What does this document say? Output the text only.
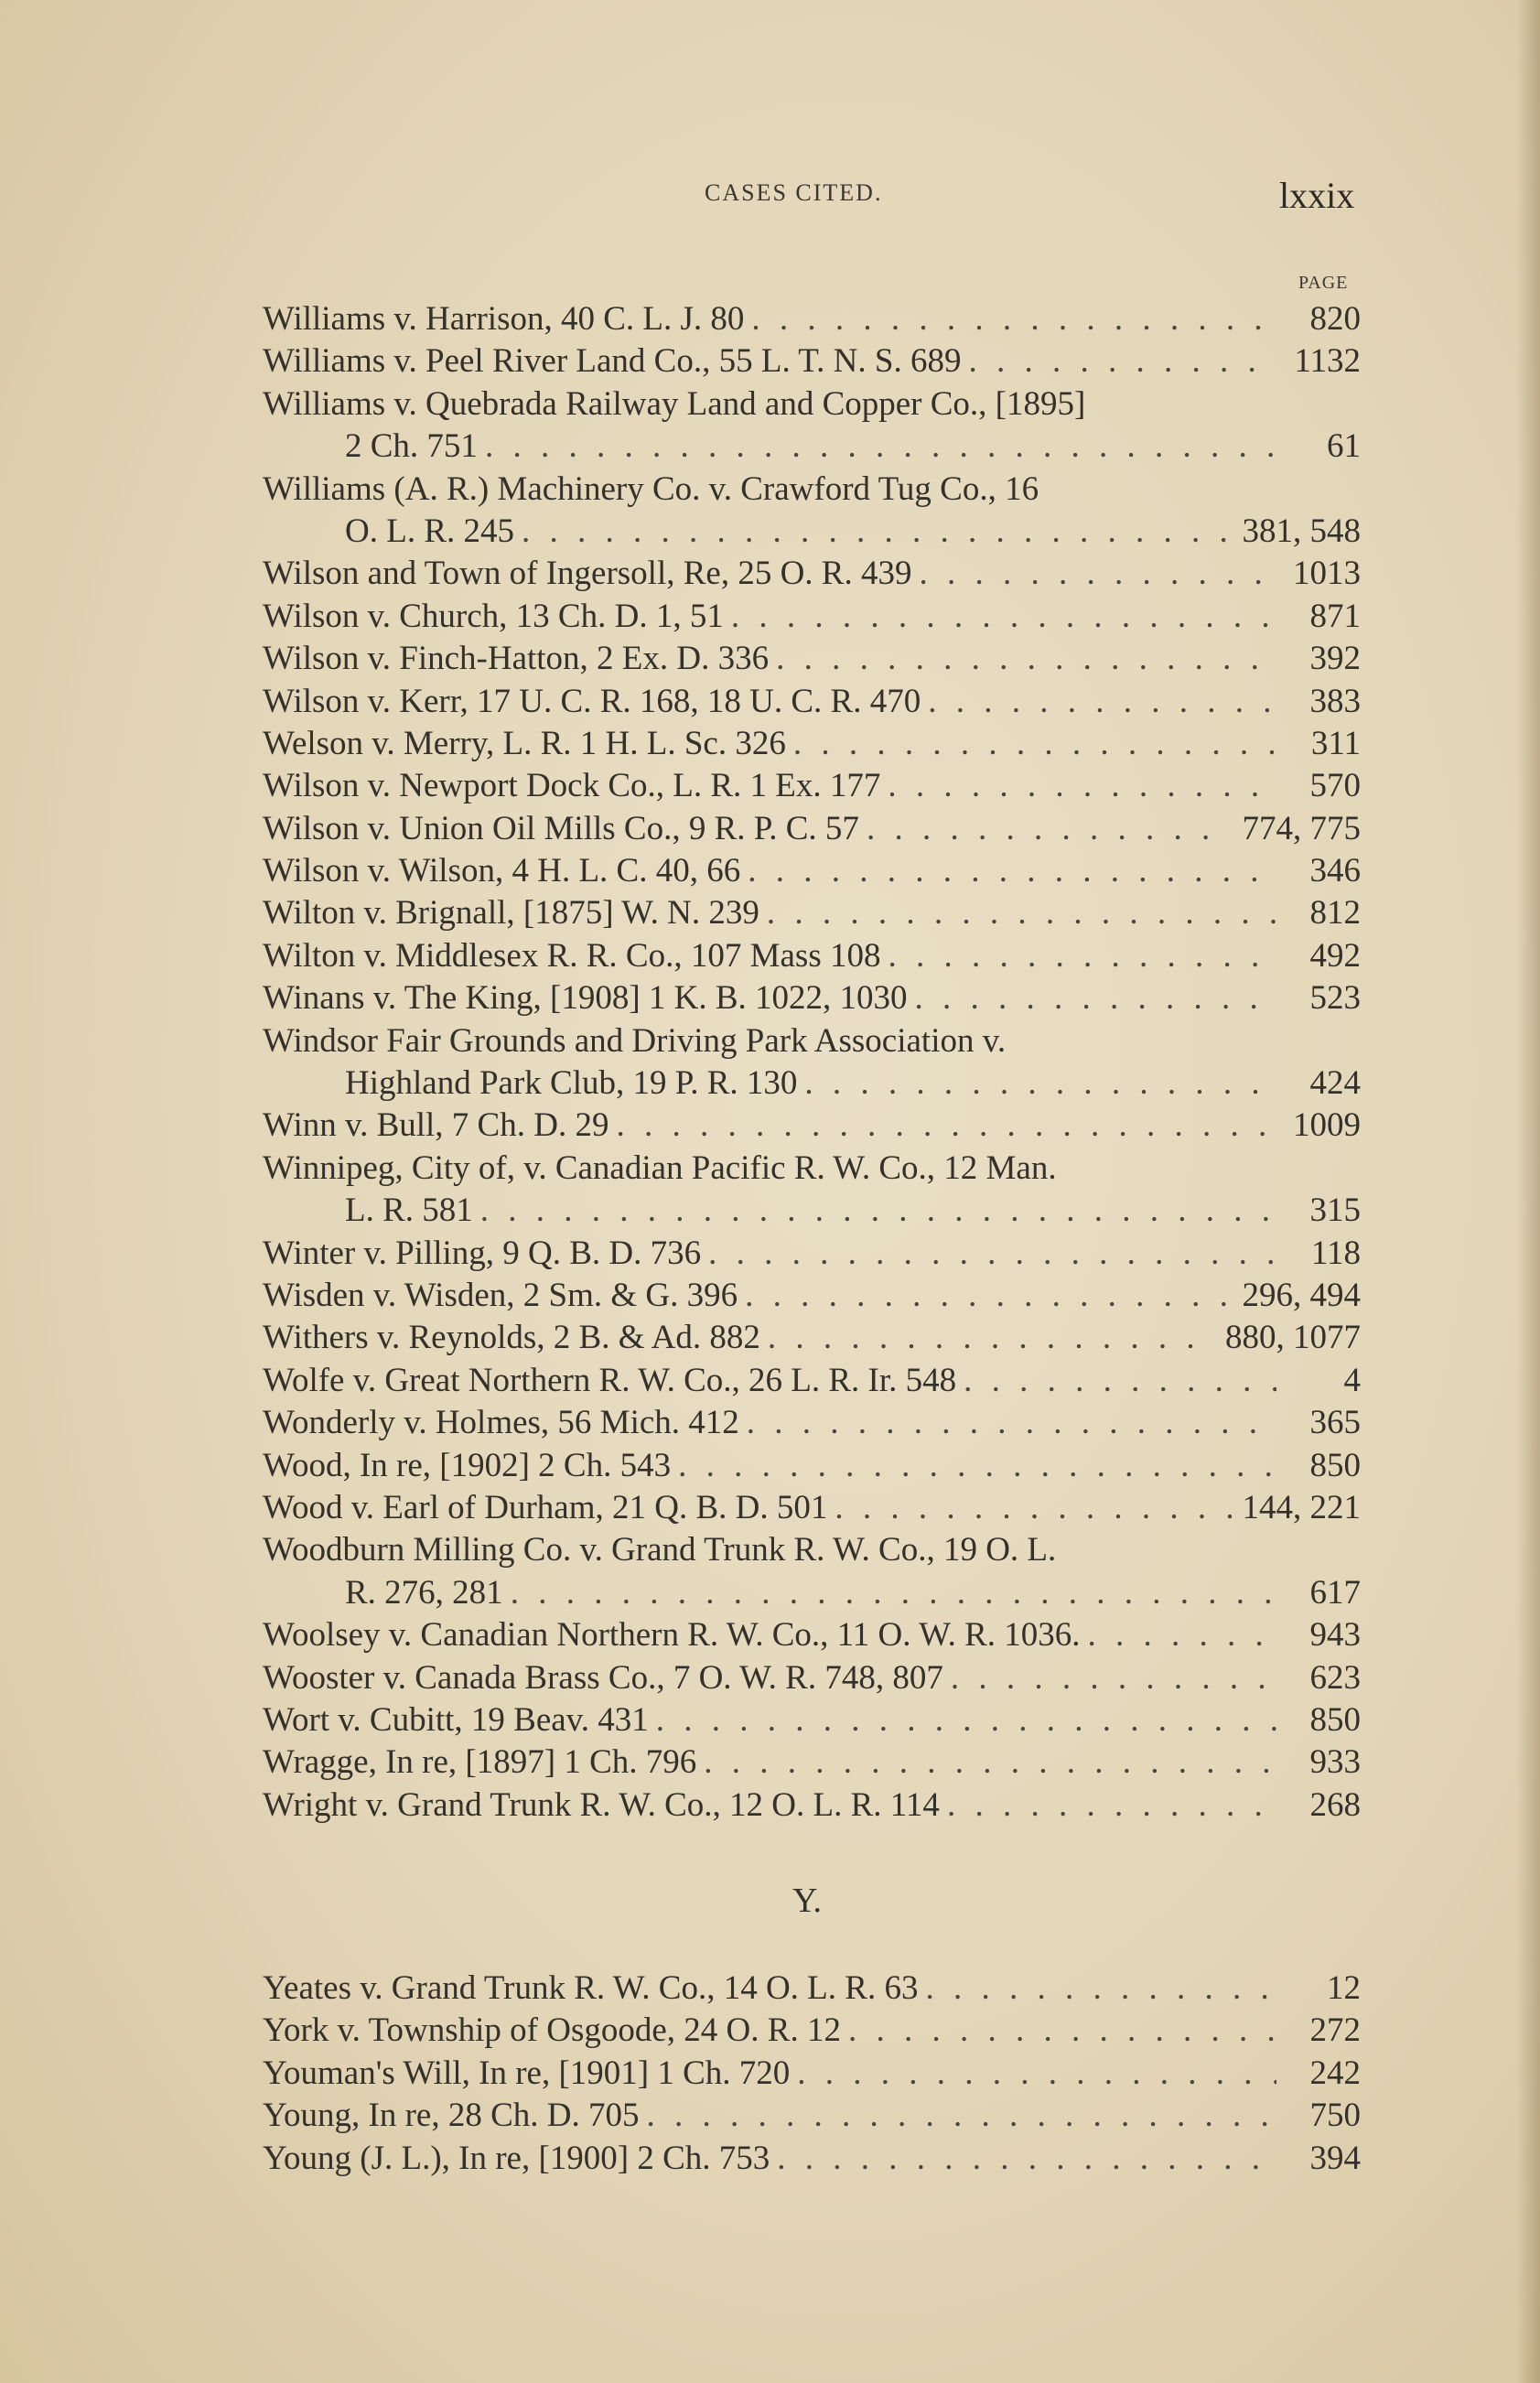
CASES CITED.	lxxix
PAGE
Williams v. Harrison, 40 C. L. J. 80 . . .	820
Williams v. Peel River Land Co., 55 L. T. N. S. 689 . . .	1132
Williams v. Quebrada Railway Land and Copper Co., [1895]
2 Ch. 751 . . .	61
Williams (A. R.) Machinery Co. v. Crawford Tug Co., 16
O. L. R. 245 . . .	381, 548
Wilson and Town of Ingersoll, Re, 25 O. R. 439 . . .	1013
Wilson v. Church, 13 Ch. D. 1, 51 . . .	871
Wilson v. Finch-Hatton, 2 Ex. D. 336 . . .	392
Wilson v. Kerr, 17 U. C. R. 168, 18 U. C. R. 470 . . .	383
Welson v. Merry, L. R. 1 H. L. Sc. 326 . . .	311
Wilson v. Newport Dock Co., L. R. 1 Ex. 177 . . .	570
Wilson v. Union Oil Mills Co., 9 R. P. C. 57 . . .	774, 775
Wilson v. Wilson, 4 H. L. C. 40, 66 . . .	346
Wilton v. Brignall, [1875] W. N. 239 . . .	812
Wilton v. Middlesex R. R. Co., 107 Mass 108 . . .	492
Winans v. The King, [1908] 1 K. B. 1022, 1030 . . .	523
Windsor Fair Grounds and Driving Park Association v.
Highland Park Club, 19 P. R. 130 . . .	424
Winn v. Bull, 7 Ch. D. 29 . . .	1009
Winnipeg, City of, v. Canadian Pacific R. W. Co., 12 Man.
L. R. 581 . . .	315
Winter v. Pilling, 9 Q. B. D. 736 . . .	118
Wisden v. Wisden, 2 Sm. & G. 396 . . .	296, 494
Withers v. Reynolds, 2 B. & Ad. 882 . . .	880, 1077
Wolfe v. Great Northern R. W. Co., 26 L. R. Ir. 548 . . .	4
Wonderly v. Holmes, 56 Mich. 412 . . .	365
Wood, In re, [1902] 2 Ch. 543 . . .	850
Wood v. Earl of Durham, 21 Q. B. D. 501 . . .	144, 221
Woodburn Milling Co. v. Grand Trunk R. W. Co., 19 O. L.
R. 276, 281 . . .	617
Woolsey v. Canadian Northern R. W. Co., 11 O. W. R. 1036. . . .	943
Wooster v. Canada Brass Co., 7 O. W. R. 748, 807 . . .	623
Wort v. Cubitt, 19 Beav. 431 . . .	850
Wragge, In re, [1897] 1 Ch. 796 . . .	933
Wright v. Grand Trunk R. W. Co., 12 O. L. R. 114 . . .	268
Y.
Yeates v. Grand Trunk R. W. Co., 14 O. L. R. 63 . . .	12
York v. Township of Osgoode, 24 O. R. 12 . . .	272
Youman's Will, In re, [1901] 1 Ch. 720 . . .	242
Young, In re, 28 Ch. D. 705 . . .	750
Young (J. L.), In re, [1900] 2 Ch. 753 . . .	394
